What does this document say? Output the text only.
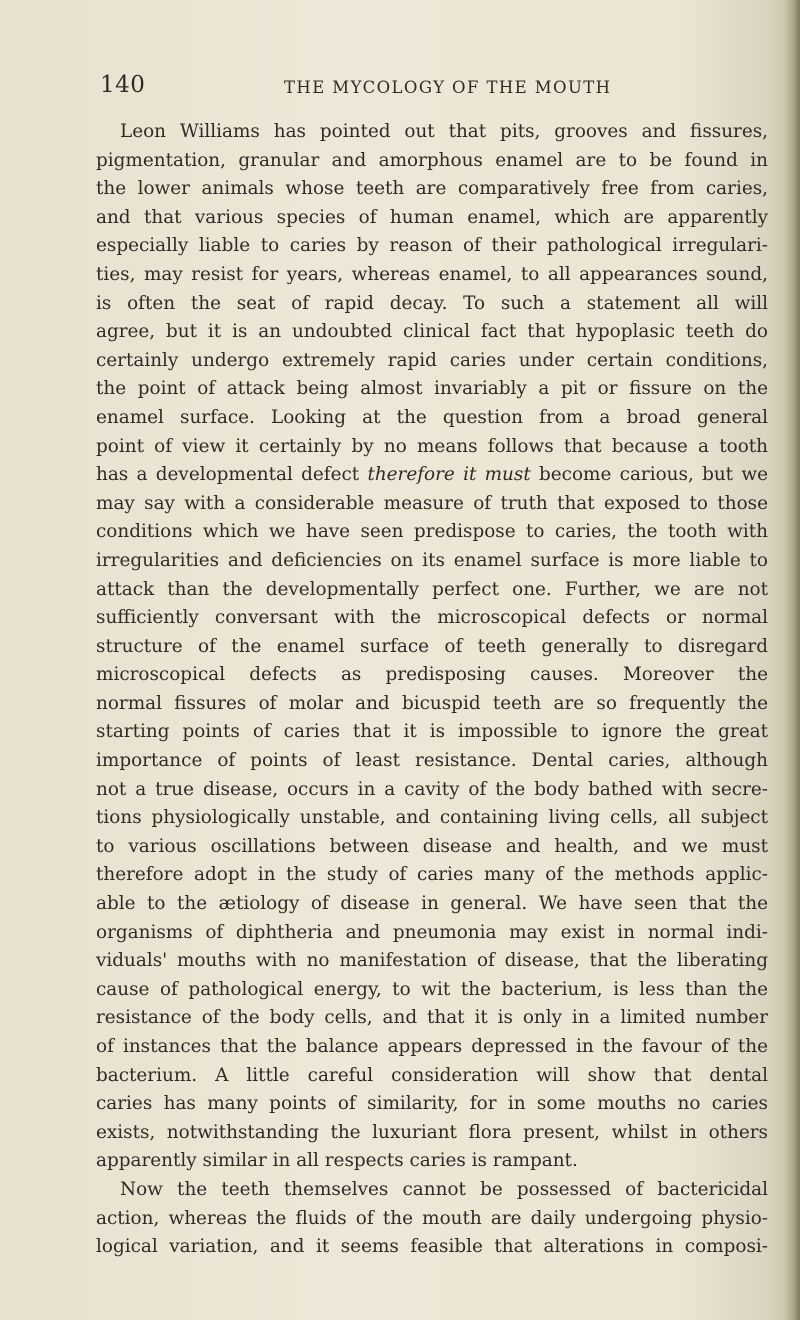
140	THE MYCOLOGY OF THE MOUTH

Leon Williams has pointed out that pits, grooves and fissures,
pigmentation, granular and amorphous enamel are to be found in
the lower animals whose teeth are comparatively free from caries,
and that various species of human enamel, which are apparently
especially liable to caries by reason of their pathological irregulari-
ties, may resist for years, whereas enamel, to all appearances sound,
is often the seat of rapid decay. To such a statement all will
agree, but it is an undoubted clinical fact that hypoplasic teeth do
certainly undergo extremely rapid caries under certain conditions,
the point of attack being almost invariably a pit or fissure on the
enamel surface. Looking at the question from a broad general
point of view it certainly by no means follows that because a tooth
has a developmental defect therefore it must become carious, but we
may say with a considerable measure of truth that exposed to those
conditions which we have seen predispose to caries, the tooth with
irregularities and deficiencies on its enamel surface is more liable to
attack than the developmentally perfect one. Further, we are not
sufficiently conversant with the microscopical defects or normal
structure of the enamel surface of teeth generally to disregard
microscopical defects as predisposing causes. Moreover the
normal fissures of molar and bicuspid teeth are so frequently the
starting points of caries that it is impossible to ignore the great
importance of points of least resistance. Dental caries, although
not a true disease, occurs in a cavity of the body bathed with secre-
tions physiologically unstable, and containing living cells, all subject
to various oscillations between disease and health, and we must
therefore adopt in the study of caries many of the methods applic-
able to the ætiology of disease in general. We have seen that the
organisms of diphtheria and pneumonia may exist in normal indi-
viduals' mouths with no manifestation of disease, that the liberating
cause of pathological energy, to wit the bacterium, is less than the
resistance of the body cells, and that it is only in a limited number
of instances that the balance appears depressed in the favour of the
bacterium. A little careful consideration will show that dental
caries has many points of similarity, for in some mouths no caries
exists, notwithstanding the luxuriant flora present, whilst in others
apparently similar in all respects caries is rampant.
Now the teeth themselves cannot be possessed of bactericidal
action, whereas the fluids of the mouth are daily undergoing physio-
logical variation, and it seems feasible that alterations in composi-
